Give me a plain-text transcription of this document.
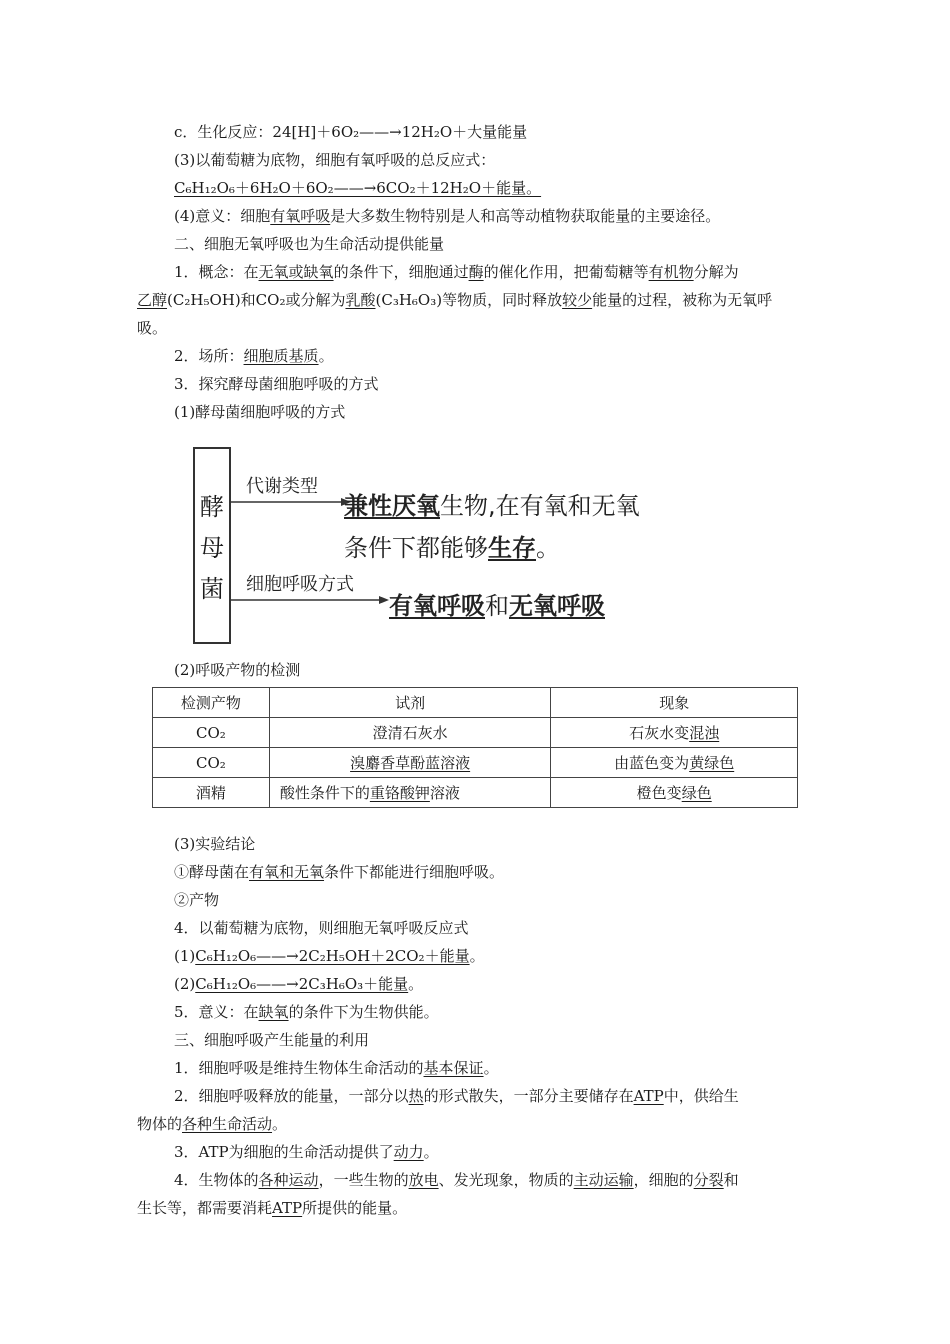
c．生化反应：24[H]＋6O₂——→12H₂O＋大量能量
(3)以葡萄糖为底物，细胞有氧呼吸的总反应式：
C₆H₁₂O₆＋6H₂O＋6O₂——→6CO₂＋12H₂O＋能量。
(4)意义：细胞有氧呼吸是大多数生物特别是人和高等动植物获取能量的主要途径。
二、细胞无氧呼吸也为生命活动提供能量
1．概念：在无氧或缺氧的条件下，细胞通过酶的催化作用，把葡萄糖等有机物分解为
乙醇(C₂H₅OH)和CO₂或分解为乳酸(C₃H₆O₃)等物质，同时释放较少能量的过程，被称为无氧呼
吸。
2．场所：细胞质基质。
3．探究酵母菌细胞呼吸的方式
(1)酵母菌细胞呼吸的方式
酵
母
菌
代谢类型
兼性厌氧生物,在有氧和无氧
条件下都能够生存。
细胞呼吸方式
有氧呼吸和无氧呼吸
(2)呼吸产物的检测
检测产物	试剂	现象
CO₂	澄清石灰水	石灰水变混浊
CO₂	溴麝香草酚蓝溶液	由蓝色变为黄绿色
酒精	酸性条件下的重铬酸钾溶液	橙色变绿色
(3)实验结论
①酵母菌在有氧和无氧条件下都能进行细胞呼吸。
②产物
4．以葡萄糖为底物，则细胞无氧呼吸反应式
(1)C₆H₁₂O₆——→2C₂H₅OH＋2CO₂＋能量。
(2)C₆H₁₂O₆——→2C₃H₆O₃＋能量。
5．意义：在缺氧的条件下为生物供能。
三、细胞呼吸产生能量的利用
1．细胞呼吸是维持生物体生命活动的基本保证。
2．细胞呼吸释放的能量，一部分以热的形式散失，一部分主要储存在ATP中，供给生
物体的各种生命活动。
3．ATP为细胞的生命活动提供了动力。
4．生物体的各种运动，一些生物的放电、发光现象，物质的主动运输，细胞的分裂和
生长等，都需要消耗ATP所提供的能量。
